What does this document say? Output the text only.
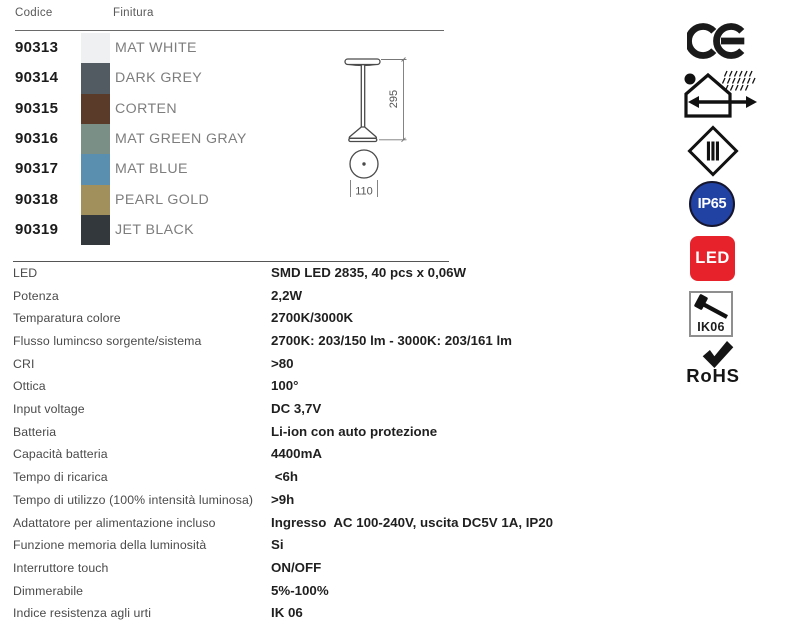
Codice	Finitura
90313	MAT WHITE
90314	DARK GREY
90315	CORTEN
90316	MAT GREEN GRAY
90317	MAT BLUE
90318	PEARL GOLD
90319	JET BLACK
295
110
IP65
LED
IK06
RoHS
LED	SMD LED 2835, 40 pcs x 0,06W
Potenza	2,2W
Temparatura colore	2700K/3000K
Flusso lumincso sorgente/sistema	2700K: 203/150 lm - 3000K: 203/161 lm
CRI	>80
Ottica	100°
Input voltage	DC 3,7V
Batteria	Li-ion con auto protezione
Capacità batteria	4400mA
Tempo di ricarica	<6h
Tempo di utilizzo (100% intensità luminosa) >9h
Adattatore per alimentazione incluso	Ingresso  AC 100-240V, uscita DC5V 1A, IP20
Funzione memoria della luminosità	Si
Interruttore touch	ON/OFF
Dimmerabile	5%-100%
Indice resistenza agli urti	IK 06
